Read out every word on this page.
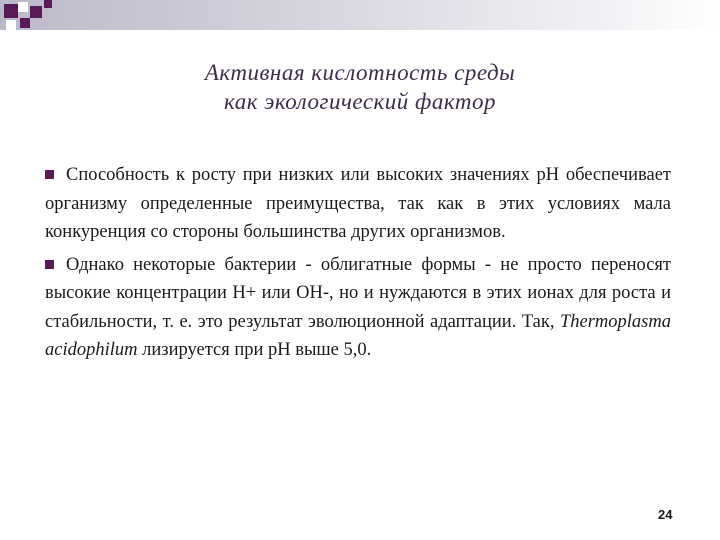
Активная кислотность среды
как экологический фактор

Способность к росту при низких или высоких значениях pH обеспечивает организму определенные преимущества, так как в этих условиях мала конкуренция со стороны большинства других организмов.

Однако некоторые бактерии - облигатные формы - не просто переносят высокие концентрации H+ или OH-, но и нуждаются в этих ионах для роста и стабильности, т. е. это результат эволюционной адаптации. Так, Thermoplasma acidophilum лизируется при pH выше 5,0.

24
